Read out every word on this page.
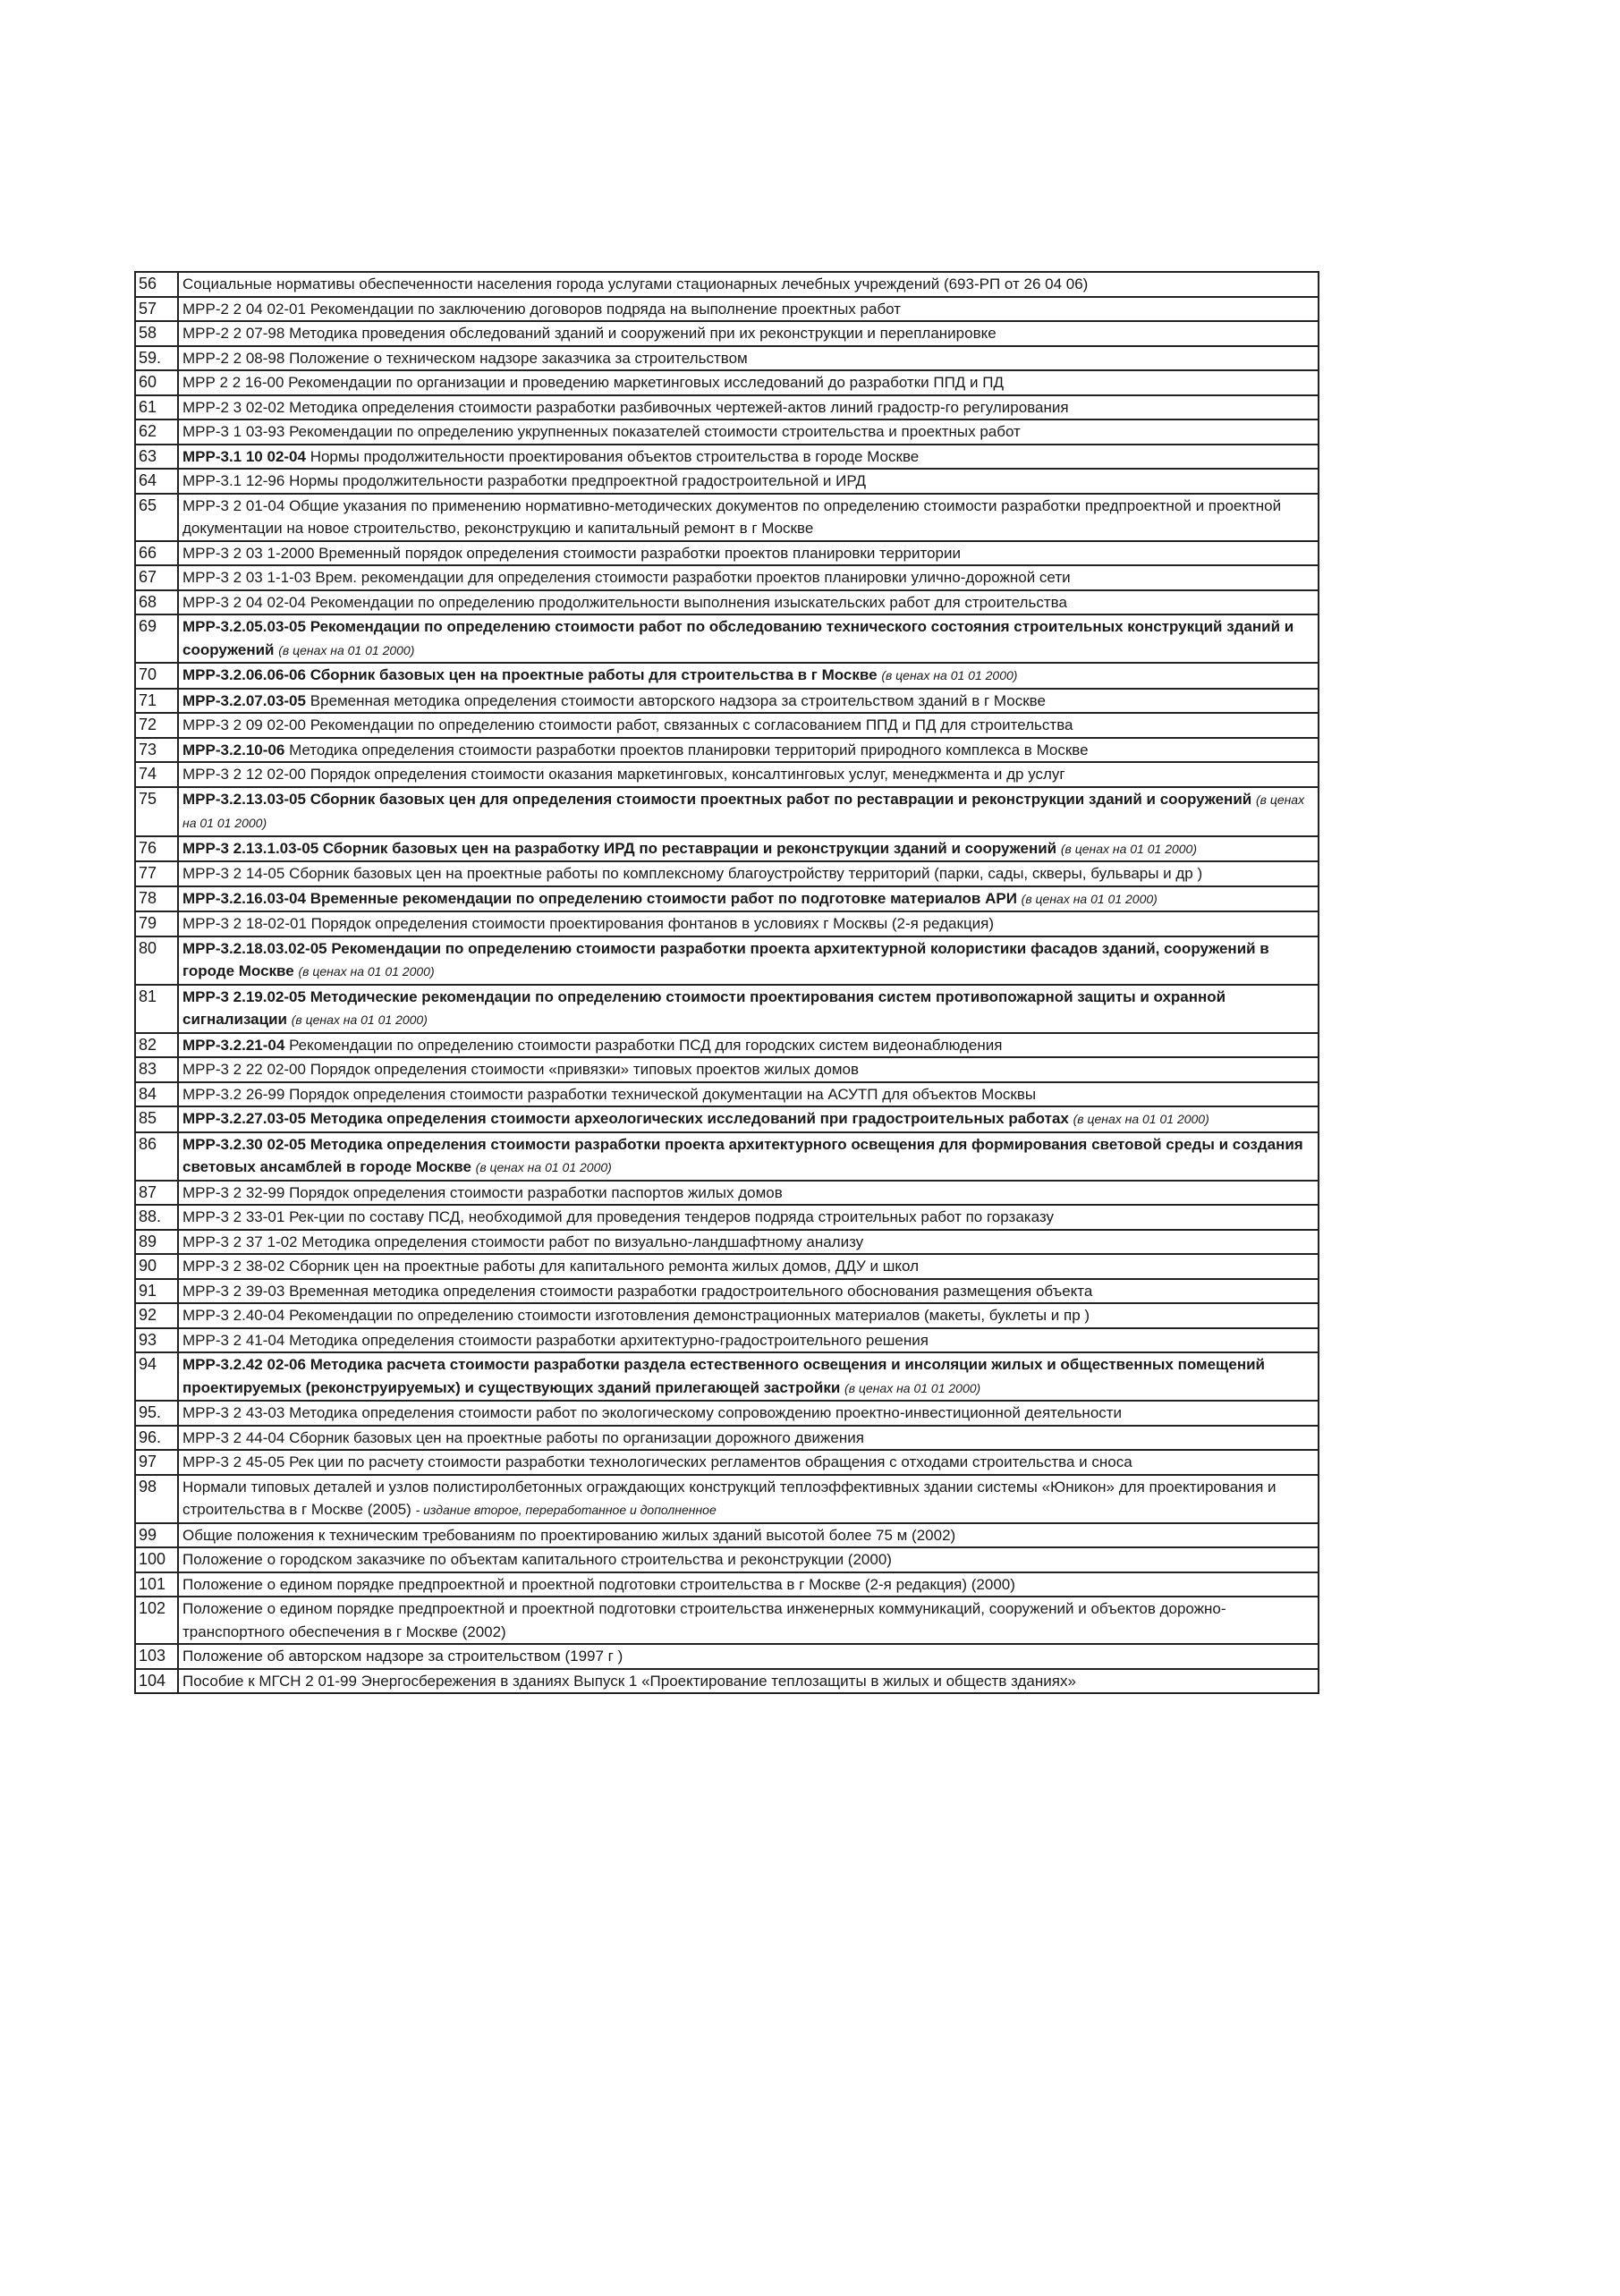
56	Социальные нормативы обеспеченности населения города услугами стационарных лечебных учреждений (693-РП от 26 04 06)
57	МРР-2 2 04 02-01 Рекомендации по заключению договоров подряда на выполнение проектных работ
58	МРР-2 2 07-98 Методика проведения обследований зданий и сооружений при их реконструкции и перепланировке
59.	МРР-2 2 08-98 Положение о техническом надзоре заказчика за строительством
60	МРР 2 2 16-00 Рекомендации по организации и проведению маркетинговых исследований до разработки ППД и ПД
61	МРР-2 3 02-02 Методика определения стоимости разработки разбивочных чертежей-актов линий градостр-го регулирования
62	МРР-3 1 03-93 Рекомендации по определению укрупненных показателей стоимости строительства и проектных работ
63	МРР-3.1 10 02-04 Нормы продолжительности проектирования объектов строительства в городе Москве
64	МРР-3.1 12-96 Нормы продолжительности разработки предпроектной градостроительной и ИРД
65	МРР-3 2 01-04 Общие указания по применению нормативно-методических документов по определению стоимости разработки предпроектной и проектной документации на новое строительство, реконструкцию и капитальный ремонт в г Москве
66	МРР-3 2 03 1-2000 Временный порядок определения стоимости разработки проектов планировки территории
67	МРР-3 2 03 1-1-03 Врем. рекомендации для определения стоимости разработки проектов планировки улично-дорожной сети
68	МРР-3 2 04 02-04 Рекомендации по определению продолжительности выполнения изыскательских работ для строительства
69	МРР-3.2.05.03-05 Рекомендации по определению стоимости работ по обследованию технического состояния строительных конструкций зданий и сооружений (в ценах на 01 01 2000)
70	МРР-3.2.06.06-06 Сборник базовых цен на проектные работы для строительства в г Москве (в ценах на 01 01 2000)
71	МРР-3.2.07.03-05 Временная методика определения стоимости авторского надзора за строительством зданий в г Москве
72	МРР-3 2 09 02-00 Рекомендации по определению стоимости работ, связанных с согласованием ППД и ПД для строительства
73	МРР-3.2.10-06 Методика определения стоимости разработки проектов планировки территорий природного комплекса в Москве
74	МРР-3 2 12 02-00 Порядок определения стоимости оказания маркетинговых, консалтинговых услуг, менеджмента и др услуг
75	МРР-3.2.13.03-05 Сборник базовых цен для определения стоимости проектных работ по реставрации и реконструкции зданий и сооружений (в ценах на 01 01 2000)
76	МРР-3 2.13.1.03-05 Сборник базовых цен на разработку ИРД по реставрации и реконструкции зданий и сооружений (в ценах на 01 01 2000)
77	МРР-3 2 14-05 Сборник базовых цен на проектные работы по комплексному благоустройству территорий (парки, сады, скверы, бульвары и др )
78	МРР-3.2.16.03-04 Временные рекомендации по определению стоимости работ по подготовке материалов АРИ (в ценах на 01 01 2000)
79	МРР-3 2 18-02-01 Порядок определения стоимости проектирования фонтанов в условиях г Москвы (2-я редакция)
80	МРР-3.2.18.03.02-05 Рекомендации по определению стоимости разработки проекта архитектурной колористики фасадов зданий, сооружений в городе Москве (в ценах на 01 01 2000)
81	МРР-3 2.19.02-05 Методические рекомендации по определению стоимости проектирования систем противопожарной защиты и охранной сигнализации (в ценах на 01 01 2000)
82	МРР-3.2.21-04 Рекомендации по определению стоимости разработки ПСД для городских систем видеонаблюдения
83	МРР-3 2 22 02-00 Порядок определения стоимости «привязки» типовых проектов жилых домов
84	МРР-3.2 26-99 Порядок определения стоимости разработки технической документации на АСУТП для объектов Москвы
85	МРР-3.2.27.03-05 Методика определения стоимости археологических исследований при градостроительных работах (в ценах на 01 01 2000)
86	МРР-3.2.30 02-05 Методика определения стоимости разработки проекта архитектурного освещения для формирования световой среды и создания световых ансамблей в городе Москве (в ценах на 01 01 2000)
87	МРР-3 2 32-99 Порядок определения стоимости разработки паспортов жилых домов
88.	МРР-3 2 33-01 Рек-ции по составу ПСД, необходимой для проведения тендеров подряда строительных работ по горзаказу
89	МРР-3 2 37 1-02 Методика определения стоимости работ по визуально-ландшафтному анализу
90	МРР-3 2 38-02 Сборник цен на проектные работы для капитального ремонта жилых домов, ДДУ и школ
91	МРР-3 2 39-03 Временная методика определения стоимости разработки градостроительного обоснования размещения объекта
92	МРР-3 2.40-04 Рекомендации по определению стоимости изготовления демонстрационных материалов (макеты, буклеты и пр )
93	МРР-3 2 41-04 Методика определения стоимости разработки архитектурно-градостроительного решения
94	МРР-3.2.42 02-06 Методика расчета стоимости разработки раздела естественного освещения и инсоляции жилых и общественных помещений проектируемых (реконструируемых) и существующих зданий прилегающей застройки (в ценах на 01 01 2000)
95.	МРР-3 2 43-03 Методика определения стоимости работ по экологическому сопровождению проектно-инвестиционной деятельности
96.	МРР-3 2 44-04 Сборник базовых цен на проектные работы по организации дорожного движения
97	МРР-3 2 45-05 Рек ции по расчету стоимости разработки технологических регламентов обращения с отходами строительства и сноса
98	Нормали типовых деталей и узлов полистиролбетонных ограждающих конструкций теплоэффективных здании системы «Юникон» для проектирования и строительства в г Москве (2005) - издание второе, переработанное и дополненное
99	Общие положения к техническим требованиям по проектированию жилых зданий высотой более 75 м (2002)
100	Положение о городском заказчике по объектам капитального строительства и реконструкции (2000)
101	Положение о едином порядке предпроектной и проектной подготовки строительства в г Москве (2-я редакция) (2000)
102	Положение о едином порядке предпроектной и проектной подготовки строительства инженерных коммуникаций, сооружений и объектов дорожно-транспортного обеспечения в г Москве (2002)
103	Положение об авторском надзоре за строительством (1997 г )
104	Пособие к МГСН 2 01-99 Энергосбережения в зданиях Выпуск 1 «Проектирование теплозащиты в жилых и обществ зданиях»
